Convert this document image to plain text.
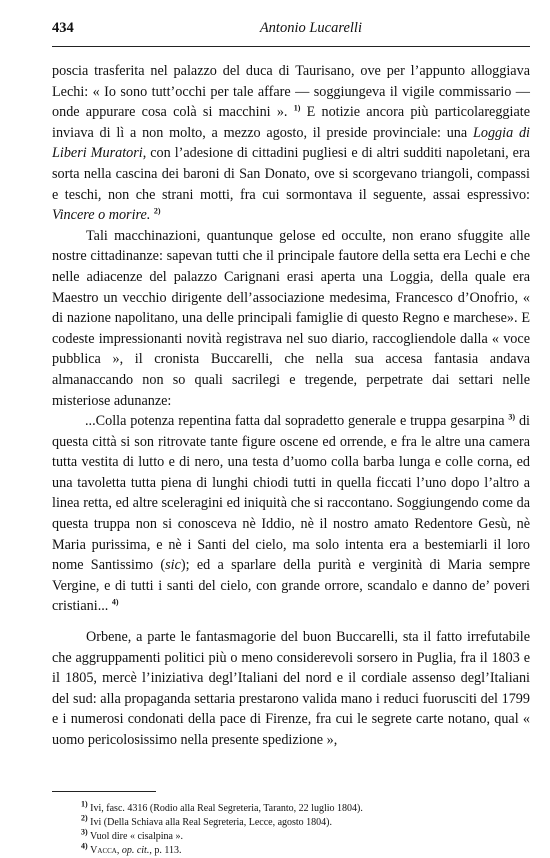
434	Antonio Lucarelli

poscia trasferita nel palazzo del duca di Taurisano, ove per l’appunto alloggiava Lechi: « Io sono tutt’occhi per tale affare — soggiungeva il vigile commissario — onde appurare cosa colà si macchini ». $^{1)}$ E notizie ancora più particolareggiate inviava di lì a non molto, a mezzo agosto, il preside provinciale: una Loggia di Liberi Muratori, con l’adesione di cittadini pugliesi e di altri sudditi napoletani, era sorta nella cascina dei baroni di San Donato, ove si scorgevano triangoli, compassi e teschi, non che strani motti, fra cui sormontava il seguente, assai espressivo: Vincere o morire. $^{2)}$

Tali macchinazioni, quantunque gelose ed occulte, non erano sfuggite alle nostre cittadinanze: sapevan tutti che il principale fautore della setta era Lechi e che nelle adiacenze del palazzo Carignani erasi aperta una Loggia, della quale era Maestro un vecchio dirigente dell’associazione medesima, Francesco d’Onofrio, « di nazione napolitano, una delle principali famiglie di questo Regno e marchese». E codeste impressionanti novità registrava nel suo diario, raccogliendole dalla « voce pubblica », il cronista Buccarelli, che nella sua accesa fantasia andava almanaccando non so quali sacrilegi e tregende, perpetrate dai settari nelle misteriose adunanze:

...Colla potenza repentina fatta dal sopradetto generale e truppa gesarpina $^{3)}$ di questa città si son ritrovate tante figure oscene ed orrende, e fra le altre una camera tutta vestita di lutto e di nero, una testa d’uomo colla barba lunga e colle corna, ed una tavoletta tutta piena di lunghi chiodi tutti in quella ficcati l’uno dopo l’altro a linea retta, ed altre sceleragini ed iniquità che si raccontano. Soggiungendo come da questa truppa non si conosceva nè Iddio, nè il nostro amato Redentore Gesù, nè Maria purissima, e nè i Santi del cielo, ma solo intenta era a bestemiarli il loro nome Santissimo (sic); ed a sparlare della purità e verginità di Maria sempre Vergine, e di tutti i santi del cielo, con grande orrore, scandalo e danno de’ poveri cristiani... $^{4)}$

Orbene, a parte le fantasmagorie del buon Buccarelli, sta il fatto irrefutabile che aggruppamenti politici più o meno considerevoli sorsero in Puglia, fra il 1803 e il 1805, mercè l’iniziativa degl’Italiani del nord e il cordiale assenso degl’Italiani del sud: alla propaganda settaria prestarono valida mano i reduci fuorusciti del 1799 e i numerosi condonati della pace di Firenze, fra cui le segrete carte notano, qual « uomo pericolosissimo nella presente spedizione »,

$^{1)}$ Ivi, fasc. 4316 (Rodio alla Real Segreteria, Taranto, 22 luglio 1804).
$^{2)}$ Ivi (Della Schiava alla Real Segreteria, Lecce, agosto 1804).
$^{3)}$ Vuol dire « cisalpina ».
$^{4)}$ Vacca, op. cit., p. 113.
